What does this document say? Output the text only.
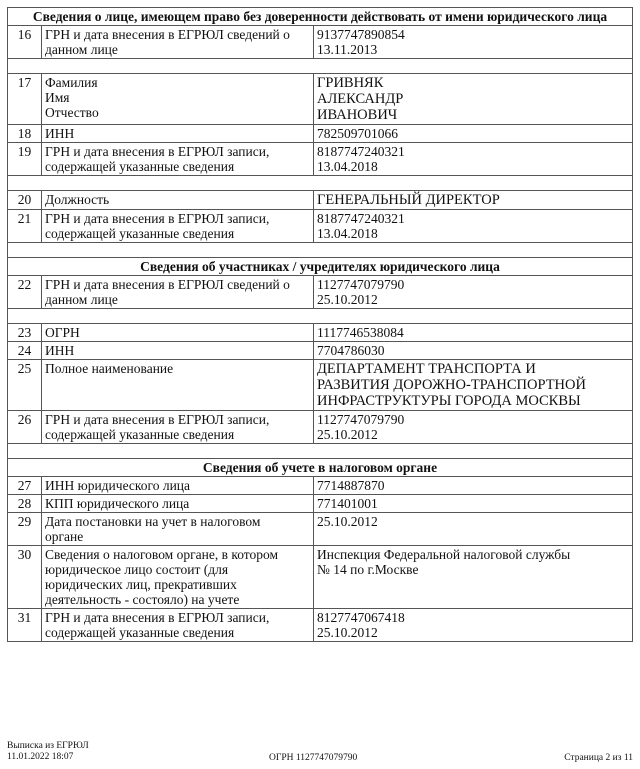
Сведения о лице, имеющем право без доверенности действовать от имени юридического лица		
16	ГРН и дата внесения в ЕГРЮЛ сведений о
данном лице	9137747890854
13.11.2013

17	Фамилия
Имя
Отчество	ГРИВНЯК
АЛЕКСАНДР
ИВАНОВИЧ

18	ИНН	782509701066

19	ГРН и дата внесения в ЕГРЮЛ записи,
содержащей указанные сведения	8187747240321
13.04.2018

20	Должность	ГЕНЕРАЛЬНЫЙ ДИРЕКТОР

21	ГРН и дата внесения в ЕГРЮЛ записи,
содержащей указанные сведения	8187747240321
13.04.2018

Сведения об участниках / учредителях юридического лица		
22	ГРН и дата внесения в ЕГРЮЛ сведений о
данном лице	1127747079790
25.10.2012

23	ОГРН	1117746538084

24	ИНН	7704786030

25	Полное наименование	ДЕПАРТАМЕНТ ТРАНСПОРТА И
РАЗВИТИЯ ДОРОЖНО-ТРАНСПОРТНОЙ
ИНФРАСТРУКТУРЫ ГОРОДА МОСКВЫ

26	ГРН и дата внесения в ЕГРЮЛ записи,
содержащей указанные сведения	1127747079790
25.10.2012

Сведения об учете в налоговом органе		
27	ИНН юридического лица	7714887870

28	КПП юридического лица	771401001

29	Дата постановки на учет в налоговом
органе	25.10.2012

30	Сведения о налоговом органе, в котором
юридическое лицо состоит (для
юридических лиц, прекративших
деятельность - состояло) на учете	Инспекция Федеральной налоговой службы
№ 14 по г.Москве

31	ГРН и дата внесения в ЕГРЮЛ записи,
содержащей указанные сведения	8127747067418
25.10.2012
Выписка из ЕГРЮЛ
11.01.2022 18:07	ОГРН 1127747079790	Страница 2 из 11
